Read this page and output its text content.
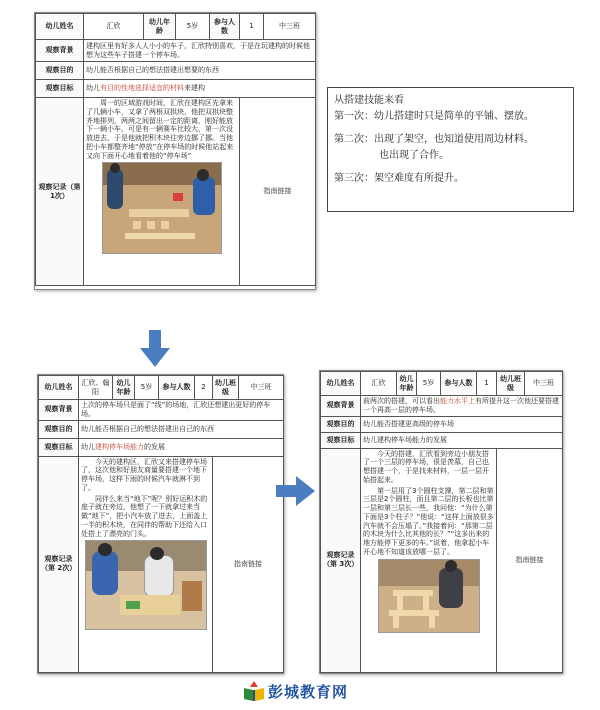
幼儿姓名	汇欣	幼儿年龄	5岁	参与人数	1	中三班
观察背景	建构区里有好多人人小小的车子，汇欣特别喜欢，于是在玩建构的时候他想为这些车子搭建一个停车场。					
观察目的	幼儿能否根据自己的想法搭建出想要的东西					
观察目标	幼儿有目的性地选择适宜的材料来建构					
观察记录（第 1次）	周一的区域游戏时间，汇欣在建构区先拿来了几辆小车，又拿了两根双拱块，他把双拱块整齐地排列，两两之间留出一定的距离，刚好能放下一辆小车，可是有一辆赛车比较大，第一次没放进去，于是他就把积木块往旁边挪了挪。当他把小车都整齐地“停放”在停车场的时候他站起来又向下面开心地看着他的“停车场”				指南链接	
从搭建技能来看
第一次：幼儿搭建时只是简单的平铺、摆放。
第二次：出现了架空，也知道使用周边材料。
也出现了合作。
第三次：架空难度有所提升。
幼儿姓名	汇欣、翰阳	幼儿年龄	5岁	参与人数	2	幼儿班级	中三班
观察背景	上次的停车场只是面了“线”的场地，汇欣还想建出更好的停车场。						
观察目的	幼儿能否根据自己的想法搭建出自己的东西						
观察目标	幼儿建构停车场能力的发展						
观察记录（第 2次）	今天的建构区，汇欣又来搭建停车场了，这次他和好朋友商量要搭建一个地下停车场，这样下雨的时候汽车就淋不到了。

同伴么来当“地下”呢？别好运积木的座子就在旁边，他想了一下就拿过来当做“地下”，把小汽车放了进去，上面盖上一半的积木块，在同伴的帮助下还给入口处搭上了漂亮的门头。					指南链接	
幼儿姓名	汇欣	幼儿年龄	5岁	参与人数	1	幼儿班级	中三班
观察背景	前两次的搭建，可以看出能力水平上有所提升这一次他还要搭建一个再高一层的停车场。						
观察目的	幼儿能否搭建更高级的停车场						
观察目标	幼儿建构停车场能力的发展						
观察记录（第 3次）	今天的搭建，汇欣看到旁边小朋友搭了一个三层的停车场，很是羡慕，自己也想搭建一个，于是找来材料，一层一层开始搭起来。

第一层用了3个圆柱支撑，第二层和第三层是2个圆柱，而且第二层的长板也比第一层和第三层长一些，我问他：“为什么第下面是3个柱子？”他说：“这样上面放很多汽车就不会压塌了。”我接着问：“那第二层的木块为什么比其他的长？”“这多出来的地方能停下更多的车。”说着，他拿起小车开心地不知道该放哪一层了。					指南链接	
彭城教育网
